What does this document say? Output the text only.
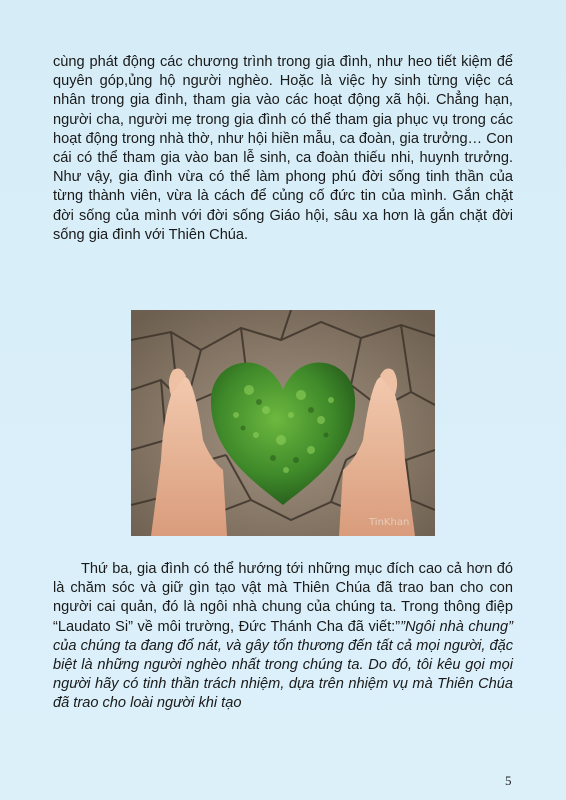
cùng phát động các chương trình trong gia đình, như heo tiết kiệm để quyên góp,ủng hộ người nghèo. Hoặc là việc hy sinh từng việc cá nhân trong gia đình, tham gia vào các hoạt động xã hội. Chẳng hạn, người cha, người mẹ trong gia đình có thể tham gia phục vụ trong các hoạt động trong nhà thờ, như hội hiền mẫu, ca đoàn, gia trưởng… Con cái có thể tham gia vào ban lễ sinh, ca đoàn thiếu nhi, huynh trưởng. Như vậy, gia đình vừa có thể làm phong phú đời sống tinh thần của từng thành viên, vừa là cách để củng cố đức tin của mình. Gắn chặt đời sống của mình với đời sống Giáo hội, sâu xa hơn là gắn chặt đời sống gia đình với Thiên Chúa.

TinKhan

Thứ ba, gia đình có thể hướng tới những mục đích cao cả hơn đó là chăm sóc và giữ gìn tạo vật mà Thiên Chúa đã trao ban cho con người cai quản, đó là ngôi nhà chung của chúng ta. Trong thông điệp “Laudato Si” về môi trường, Đức Thánh Cha đã viết:””Ngôi nhà chung” của chúng ta đang đổ nát, và gây tổn thương đến tất cả mọi người, đặc biệt là những người nghèo nhất trong chúng ta. Do đó, tôi kêu gọi mọi người hãy có tinh thần trách nhiệm, dựa trên nhiệm vụ mà Thiên Chúa đã trao cho loài người khi tạo

5
